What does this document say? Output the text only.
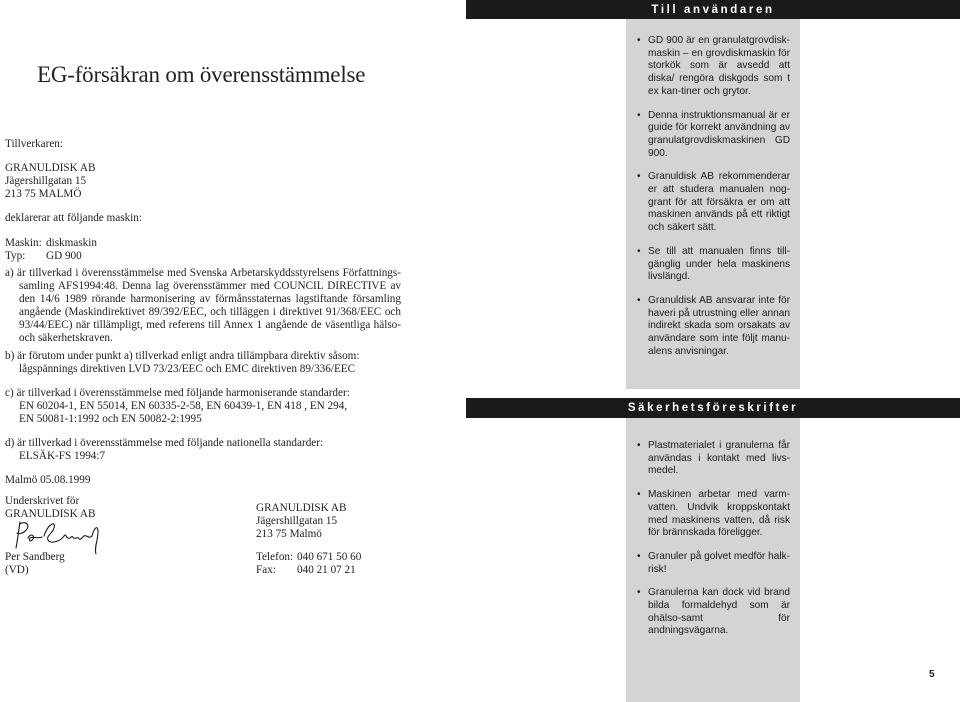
EG-försäkran om överensstämmelse
Tillverkaren:
GRANULDISK AB
Jägershillgatan 15
213 75 MALMÖ
deklarerar att följande maskin:
Maskin: diskmaskin
Typ: GD 900
a) är tillverkad i överensstämmelse med Svenska Arbetarskyddsstyrelsens Författnings-samling AFS1994:48. Denna lag överensstämmer med COUNCIL DIRECTIVE av den 14/6 1989 rörande harmonisering av förmånsstaternas lagstiftande församling angående (Maskindirektivet 89/392/EEC, och tilläggen i direktivet 91/368/EEC och 93/44/EEC) när tillämpligt, med referens till Annex 1 angående de väsentliga hälso- och säkerhetskraven.
b) är förutom under punkt a) tillverkad enligt andra tillämpbara direktiv såsom:
lågspännings direktiven LVD 73/23/EEC och EMC direktiven 89/336/EEC
c) är tillverkad i överensstämmelse med följande harmoniserande standarder:
EN 60204-1, EN 55014, EN 60335-2-58, EN 60439-1, EN 418 , EN 294,
EN 50081-1:1992 och EN 50082-2:1995
d) är tillverkad i överensstämmelse med följande nationella standarder:
ELSÄK-FS 1994:7
Malmö 05.08.1999
Underskrivet för
GRANULDISK AB
Per Sandberg
(VD)
GRANULDISK AB
Jägershillgatan 15
213 75 Malmö
Telefon: 040 671 50 60
Fax: 040 21 07 21
Till användaren
• GD 900 är en granulatgrovdisk-maskin – en grovdiskmaskin för storkök som är avsedd att diska/ rengöra diskgods som t ex kan-tiner och grytor.
• Denna instruktionsmanual är er guide för korrekt användning av granulatgrovdiskmaskinen GD 900.
• Granuldisk AB rekommenderar er att studera manualen nog-grant för att försäkra er om att maskinen används på ett riktigt och säkert sätt.
• Se till att manualen finns till-gänglig under hela maskinens livslängd.
• Granuldisk AB ansvarar inte för haveri på utrustning eller annan indirekt skada som orsakats av användare som inte följt manu-alens anvisningar.
Säkerhetsföreskrifter
• Plastmaterialet i granulerna får användas i kontakt med livs-medel.
• Maskinen arbetar med varm-vatten. Undvik kroppskontakt med maskinens vatten, då risk för brännskada föreligger.
• Granuler på golvet medför halk-risk!
• Granulerna kan dock vid brand bilda formaldehyd som är ohälso-samt för andningsvägarna.
5
